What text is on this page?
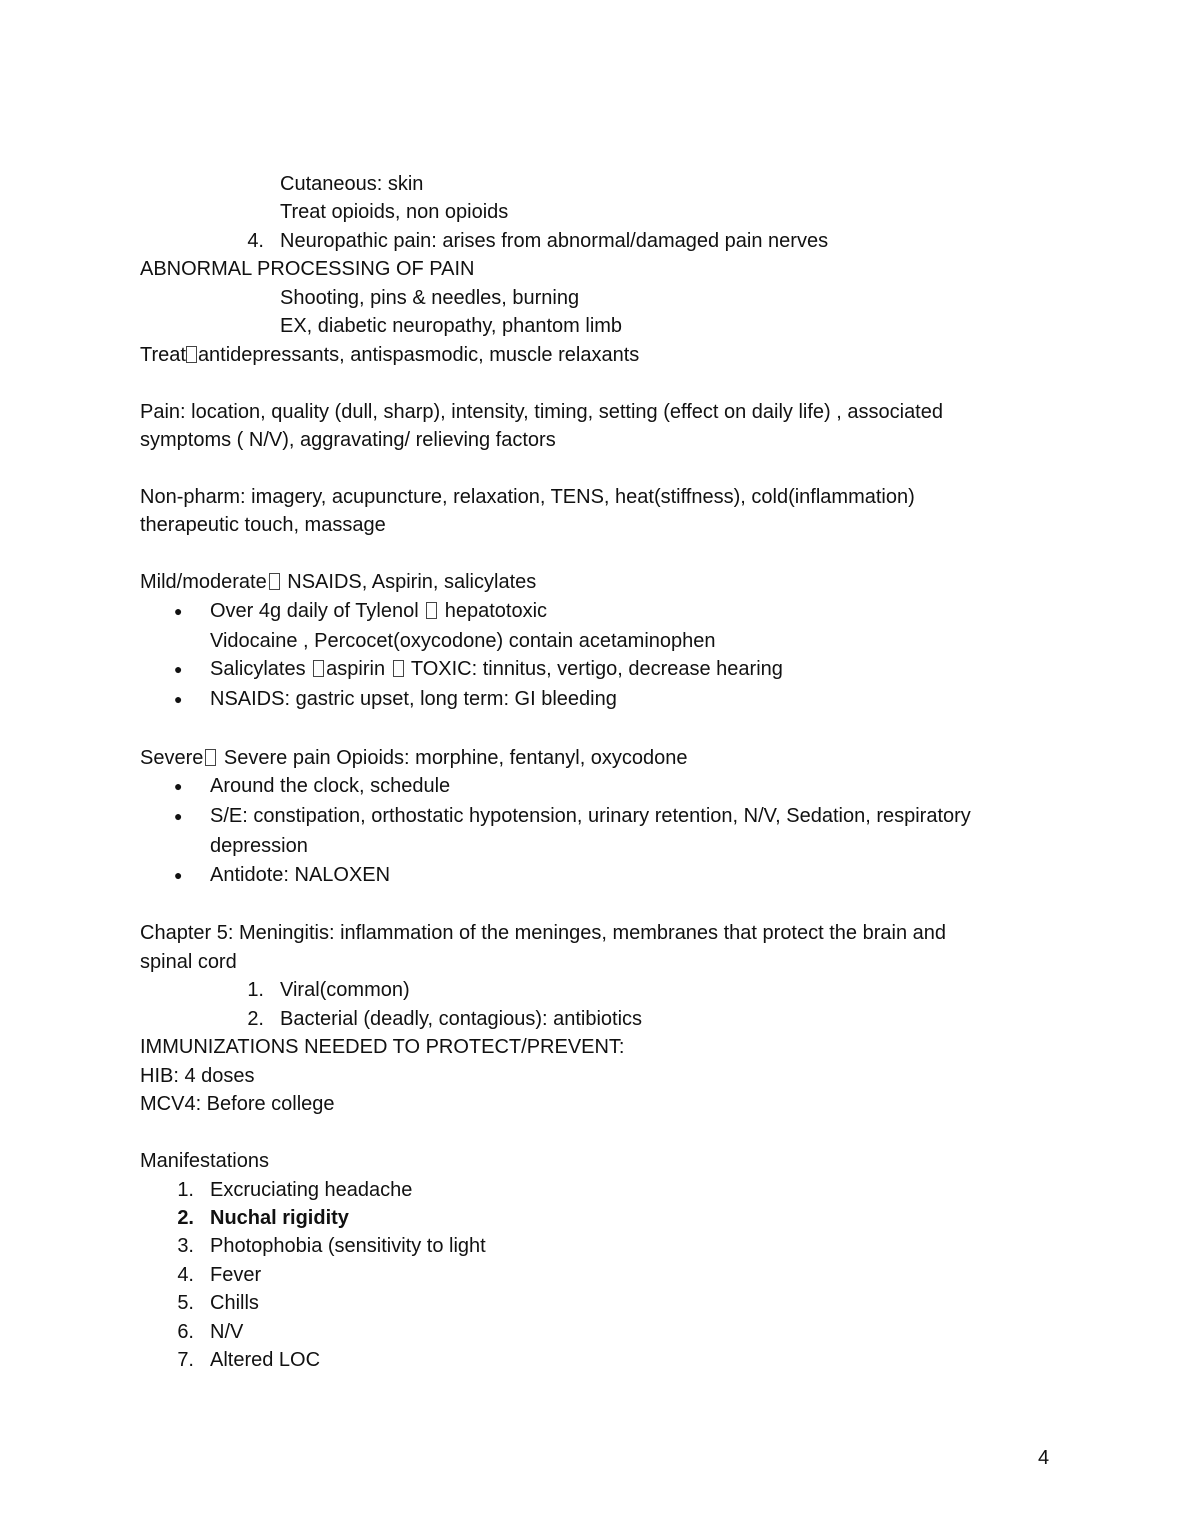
Cutaneous: skin
Treat opioids, non opioids
4. Neuropathic pain: arises from abnormal/damaged pain nerves
ABNORMAL PROCESSING OF PAIN
Shooting, pins & needles, burning
EX, diabetic neuropathy, phantom limb
Treat antidepressants, antispasmodic, muscle relaxants
Pain: location, quality (dull, sharp), intensity, timing, setting (effect on daily life) , associated
symptoms ( N/V), aggravating/ relieving factors
Non-pharm: imagery, acupuncture, relaxation, TENS, heat(stiffness), cold(inflammation)
therapeutic touch, massage
Mild/moderate NSAIDS, Aspirin, salicylates
● Over 4g daily of Tylenol  hepatotoxic
Vidocaine , Percocet(oxycodone) contain acetaminophen
● Salicylates aspirin  TOXIC: tinnitus, vertigo, decrease hearing
● NSAIDS: gastric upset, long term: GI bleeding
Severe Severe pain Opioids: morphine, fentanyl, oxycodone
● Around the clock, schedule
● S/E: constipation, orthostatic hypotension, urinary retention, N/V, Sedation, respiratory
depression
● Antidote: NALOXEN
Chapter 5: Meningitis: inflammation of the meninges, membranes that protect the brain and
spinal cord
1. Viral(common)
2. Bacterial (deadly, contagious): antibiotics
IMMUNIZATIONS NEEDED TO PROTECT/PREVENT:
HIB: 4 doses
MCV4: Before college
Manifestations
1. Excruciating headache
2. Nuchal rigidity
3. Photophobia (sensitivity to light
4. Fever
5. Chills
6. N/V
7. Altered LOC
4
